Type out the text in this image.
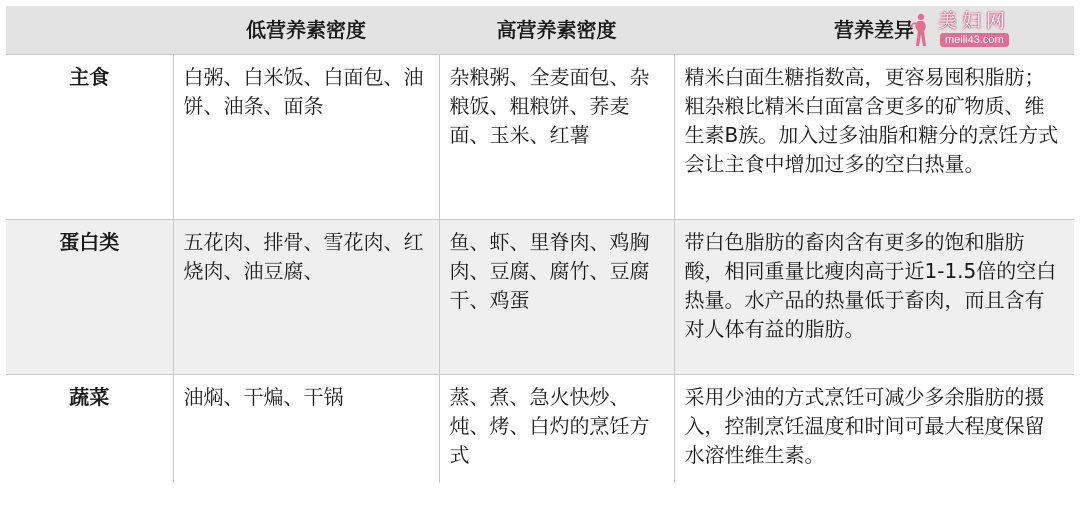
	低营养素密度	高营养素密度	营养差异
主食	白粥、白米饭、白面包、油饼、油条、面条	杂粮粥、全麦面包、杂粮饭、粗粮饼、荞麦面、玉米、红薯	精米白面生糖指数高，更容易囤积脂肪；粗杂粮比精米白面富含更多的矿物质、维生素B族。加入过多油脂和糖分的烹饪方式会让主食中增加过多的空白热量。
蛋白类	五花肉、排骨、雪花肉、红烧肉、油豆腐、	鱼、虾、里脊肉、鸡胸肉、豆腐、腐竹、豆腐干、鸡蛋	带白色脂肪的畜肉含有更多的饱和脂肪酸，相同重量比瘦肉高于近1-1.5倍的空白热量。水产品的热量低于畜肉，而且含有对人体有益的脂肪。
蔬菜	油焖、干煸、干锅	蒸、煮、急火快炒、炖、烤、白灼的烹饪方式	采用少油的方式烹饪可减少多余脂肪的摄入，控制烹饪温度和时间可最大程度保留水溶性维生素。
美妇网
meili43.com
